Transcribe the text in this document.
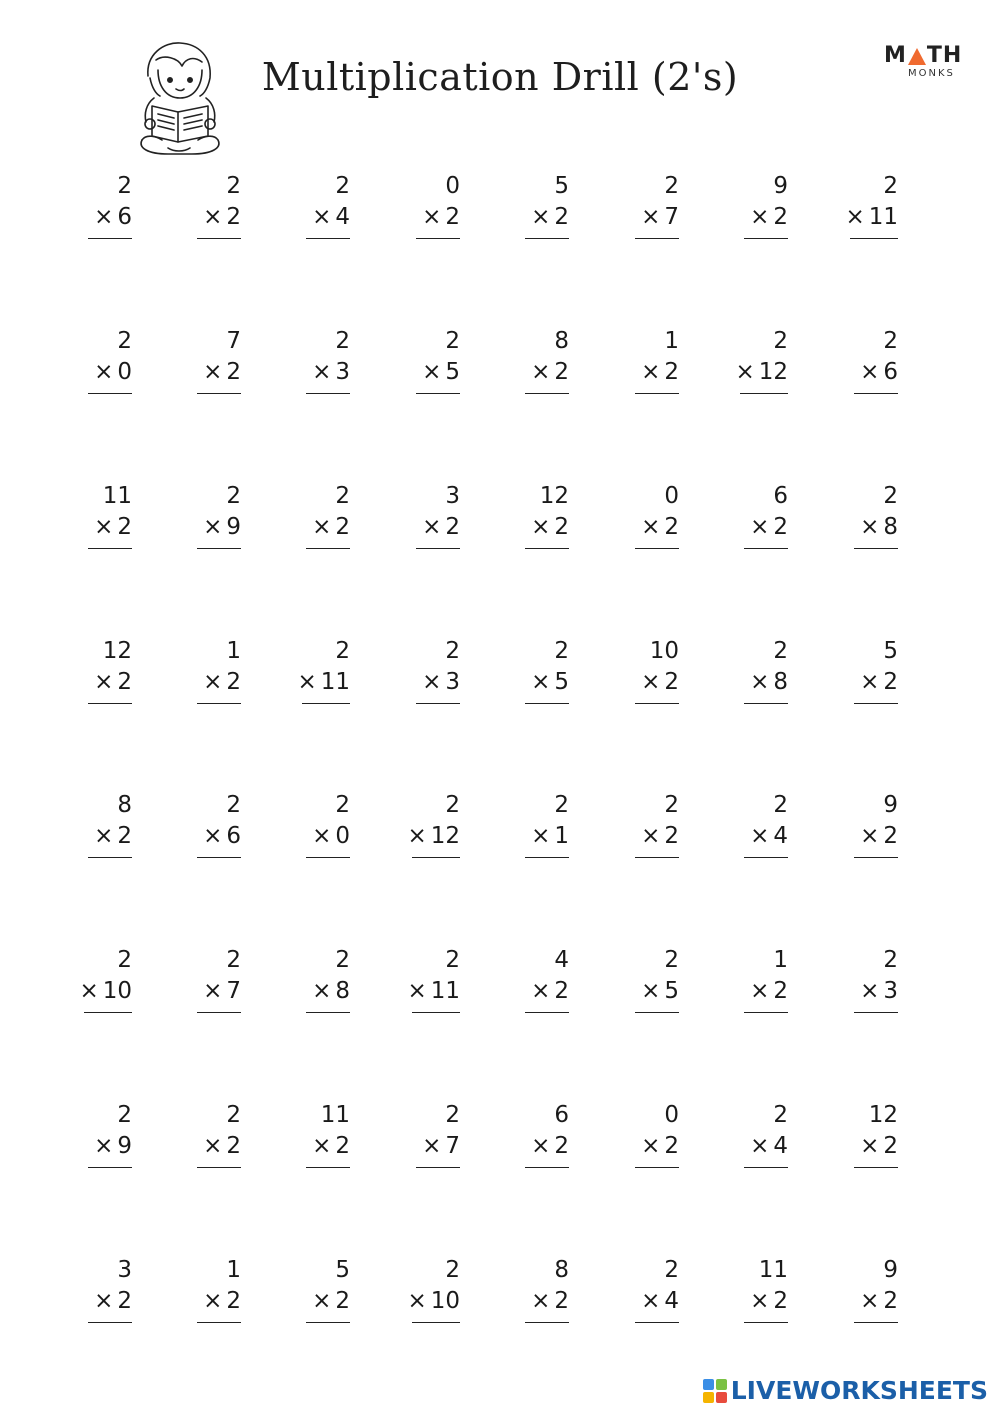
Multiplication Drill (2's)	M TH
MONKS
2
× 6
2
× 2
2
× 4
0
× 2
5
× 2
2
× 7
9
× 2
2
× 11
2
× 0
7
× 2
2
× 3
2
× 5
8
× 2
1
× 2
2
× 12
2
× 6
11
× 2
2
× 9
2
× 2
3
× 2
12
× 2
0
× 2
6
× 2
2
× 8
12
× 2
1
× 2
2
× 11
2
× 3
2
× 5
10
× 2
2
× 8
5
× 2
8
× 2
2
× 6
2
× 0
2
× 12
2
× 1
2
× 2
2
× 4
9
× 2
2
× 10
2
× 7
2
× 8
2
× 11
4
× 2
2
× 5
1
× 2
2
× 3
2
× 9
2
× 2
11
× 2
2
× 7
6
× 2
0
× 2
2
× 4
12
× 2
3
× 2
1
× 2
5
× 2
2
× 10
8
× 2
2
× 4
11
× 2
9
× 2
LIVEWORKSHEETS
